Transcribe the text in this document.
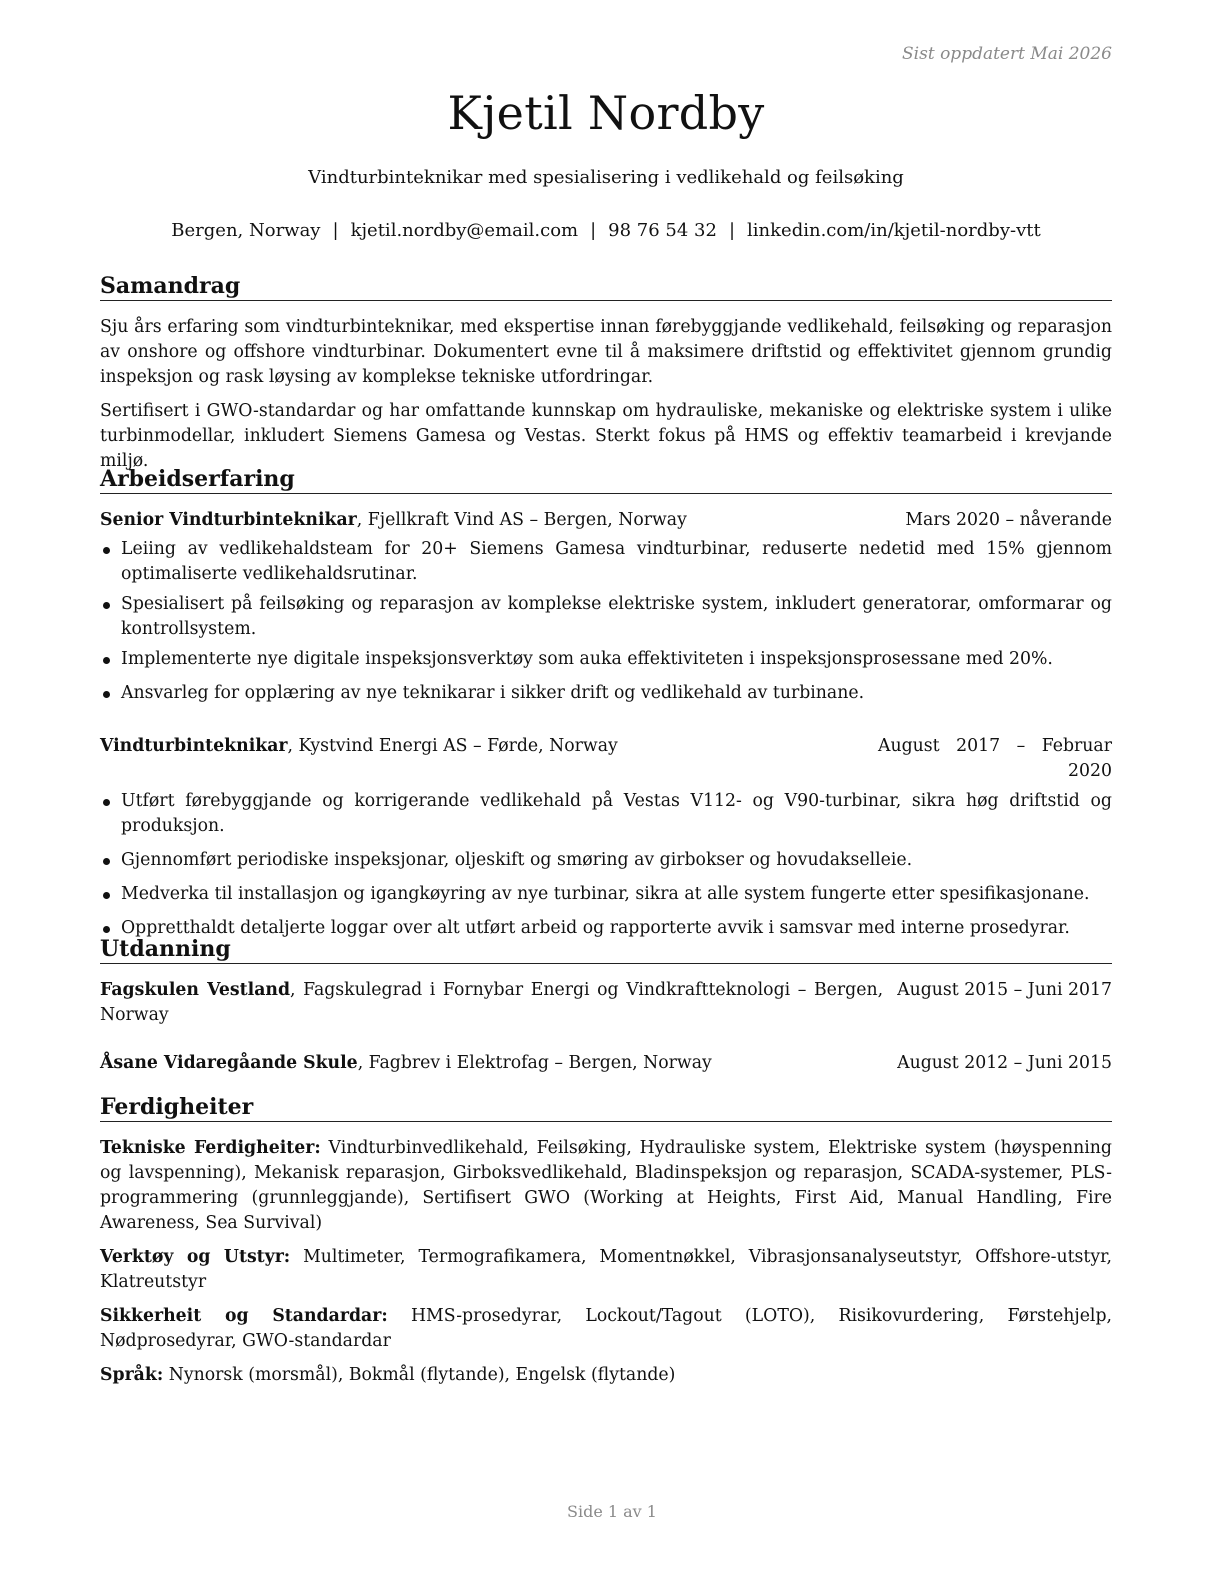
Sist oppdatert Mai 2026
Kjetil Nordby
Vindturbinteknikar med spesialisering i vedlikehald og feilsøking
Bergen, Norway | kjetil.nordby@email.com | 98 76 54 32 | linkedin.com/in/kjetil-nordby-vtt
Samandrag

Sju års erfaring som vindturbinteknikar, med ekspertise innan førebyggjande vedlikehald, feilsøking og reparasjon av onshore og offshore vindturbinar. Dokumentert evne til å maksimere driftstid og effektivitet gjennom grundig inspeksjon og rask løysing av komplekse tekniske utfordringar.

Sertifisert i GWO-standardar og har omfattande kunnskap om hydrauliske, mekaniske og elektriske system i ulike turbinmodellar, inkludert Siemens Gamesa og Vestas. Sterkt fokus på HMS og effektiv teamarbeid i krevjande miljø.

Arbeidserfaring
Senior Vindturbinteknikar, Fjellkraft Vind AS – Bergen, Norway	Mars 2020 – nåverande
Leiing av vedlikehaldsteam for 20+ Siemens Gamesa vindturbinar, reduserte nedetid med 15% gjennom optimaliserte vedlikehaldsrutinar.
Spesialisert på feilsøking og reparasjon av komplekse elektriske system, inkludert generatorar, omformarar og kontrollsystem.
Implementerte nye digitale inspeksjonsverktøy som auka effektiviteten i inspeksjonsprosessane med 20%.
Ansvarleg for opplæring av nye teknikarar i sikker drift og vedlikehald av turbinane.
Vindturbinteknikar, Kystvind Energi AS – Førde, Norway	August 2017 – Februar 2020
Utført førebyggjande og korrigerande vedlikehald på Vestas V112- og V90-turbinar, sikra høg driftstid og produksjon.
Gjennomført periodiske inspeksjonar, oljeskift og smøring av girbokser og hovudakselleie.
Medverka til installasjon og igangkøyring av nye turbinar, sikra at alle system fungerte etter spesifikasjonane.
Oppretthaldt detaljerte loggar over alt utført arbeid og rapporterte avvik i samsvar med interne prosedyrar.
Utdanning
Fagskulen Vestland, Fagskulegrad i Fornybar Energi og Vindkraftteknologi – Bergen, Norway
August 2015 – Juni 2017
Åsane Vidaregåande Skule, Fagbrev i Elektrofag – Bergen, Norway	August 2012 – Juni 2015
Ferdigheiter

Tekniske Ferdigheiter: Vindturbinvedlikehald, Feilsøking, Hydrauliske system, Elektriske system (høyspenning og lavspenning), Mekanisk reparasjon, Girboksvedlikehald, Bladinspeksjon og reparasjon, SCADA-systemer, PLS-programmering (grunnleggjande), Sertifisert GWO (Working at Heights, First Aid, Manual Handling, Fire Awareness, Sea Survival)

Verktøy og Utstyr: Multimeter, Termografikamera, Momentnøkkel, Vibrasjonsanalyseutstyr, Offshore-utstyr, Klatreutstyr

Sikkerheit og Standardar: HMS-prosedyrar, Lockout/Tagout (LOTO), Risikovurdering, Førstehjelp, Nødprosedyrar, GWO-standardar

Språk: Nynorsk (morsmål), Bokmål (flytande), Engelsk (flytande)

Side 1 av 1
